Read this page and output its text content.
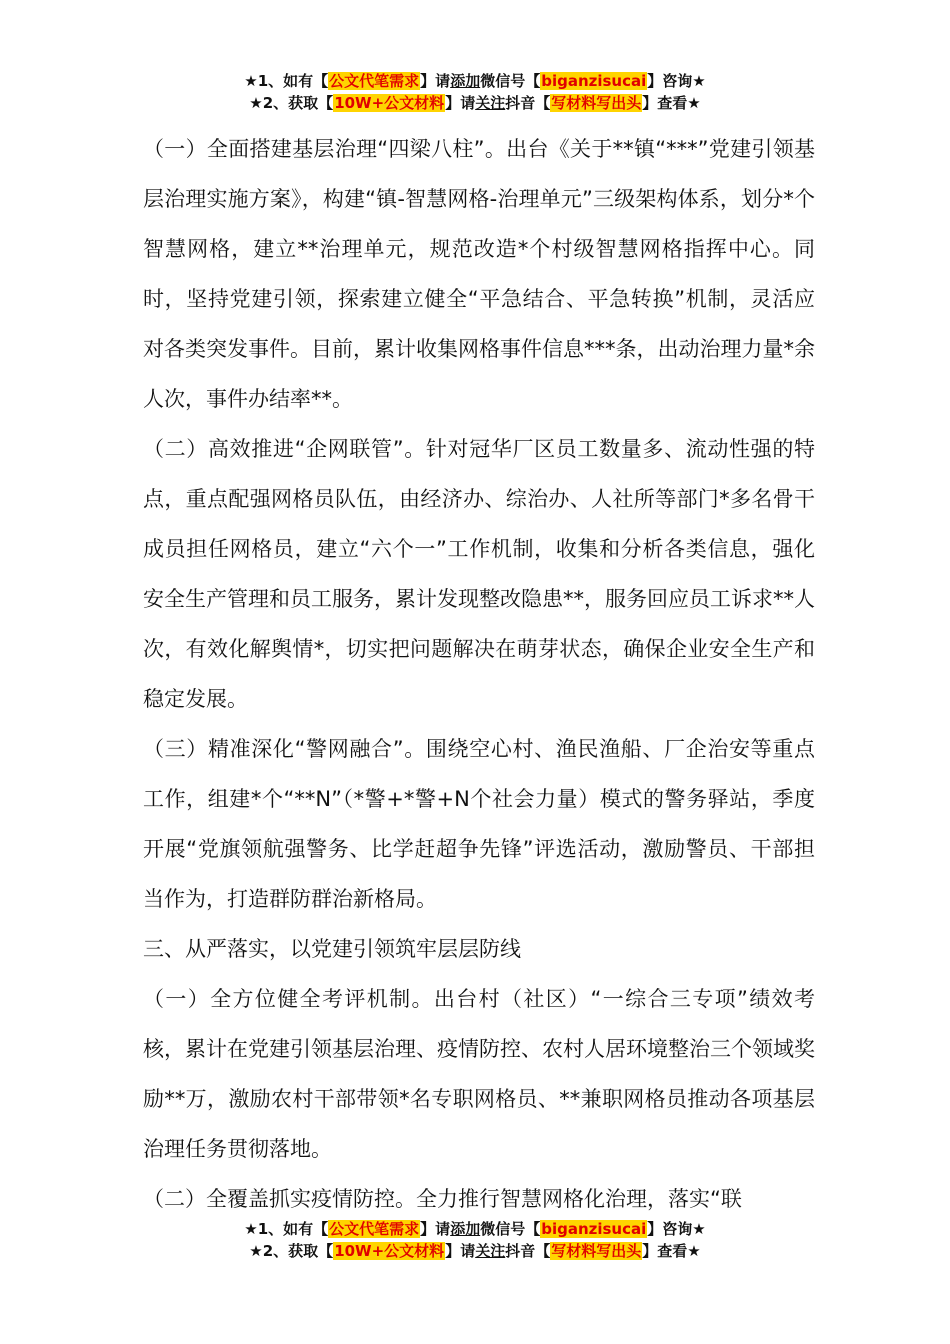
★1、如有【公文代笔需求】请添加微信号【biganzisucai】咨询★
★2、获取【10W+公文材料】请关注抖音【写材料写出头】查看★

（一）全面搭建基层治理“四梁八柱”。出台《关于**镇“***”党建引领基层治理实施方案》，构建“镇-智慧网格-治理单元”三级架构体系，划分*个智慧网格，建立**治理单元，规范改造*个村级智慧网格指挥中心。同时，坚持党建引领，探索建立健全“平急结合、平急转换”机制，灵活应对各类突发事件。目前，累计收集网格事件信息***条，出动治理力量*余人次，事件办结率**。

（二）高效推进“企网联管”。针对冠华厂区员工数量多、流动性强的特点，重点配强网格员队伍，由经济办、综治办、人社所等部门*多名骨干成员担任网格员，建立“六个一”工作机制，收集和分析各类信息，强化安全生产管理和员工服务，累计发现整改隐患**，服务回应员工诉求**人次，有效化解舆情*，切实把问题解决在萌芽状态，确保企业安全生产和稳定发展。

（三）精准深化“警网融合”。围绕空心村、渔民渔船、厂企治安等重点工作，组建*个“**N”（*警+*警+N个社会力量）模式的警务驿站，季度开展“党旗领航强警务、比学赶超争先锋”评选活动，激励警员、干部担当作为，打造群防群治新格局。

三、从严落实，以党建引领筑牢层层防线

（一）全方位健全考评机制。出台村（社区）“一综合三专项”绩效考核，累计在党建引领基层治理、疫情防控、农村人居环境整治三个领域奖励**万，激励农村干部带领*名专职网格员、**兼职网格员推动各项基层治理任务贯彻落地。

（二）全覆盖抓实疫情防控。全力推行智慧网格化治理，落实“联

★1、如有【公文代笔需求】请添加微信号【biganzisucai】咨询★
★2、获取【10W+公文材料】请关注抖音【写材料写出头】查看★
